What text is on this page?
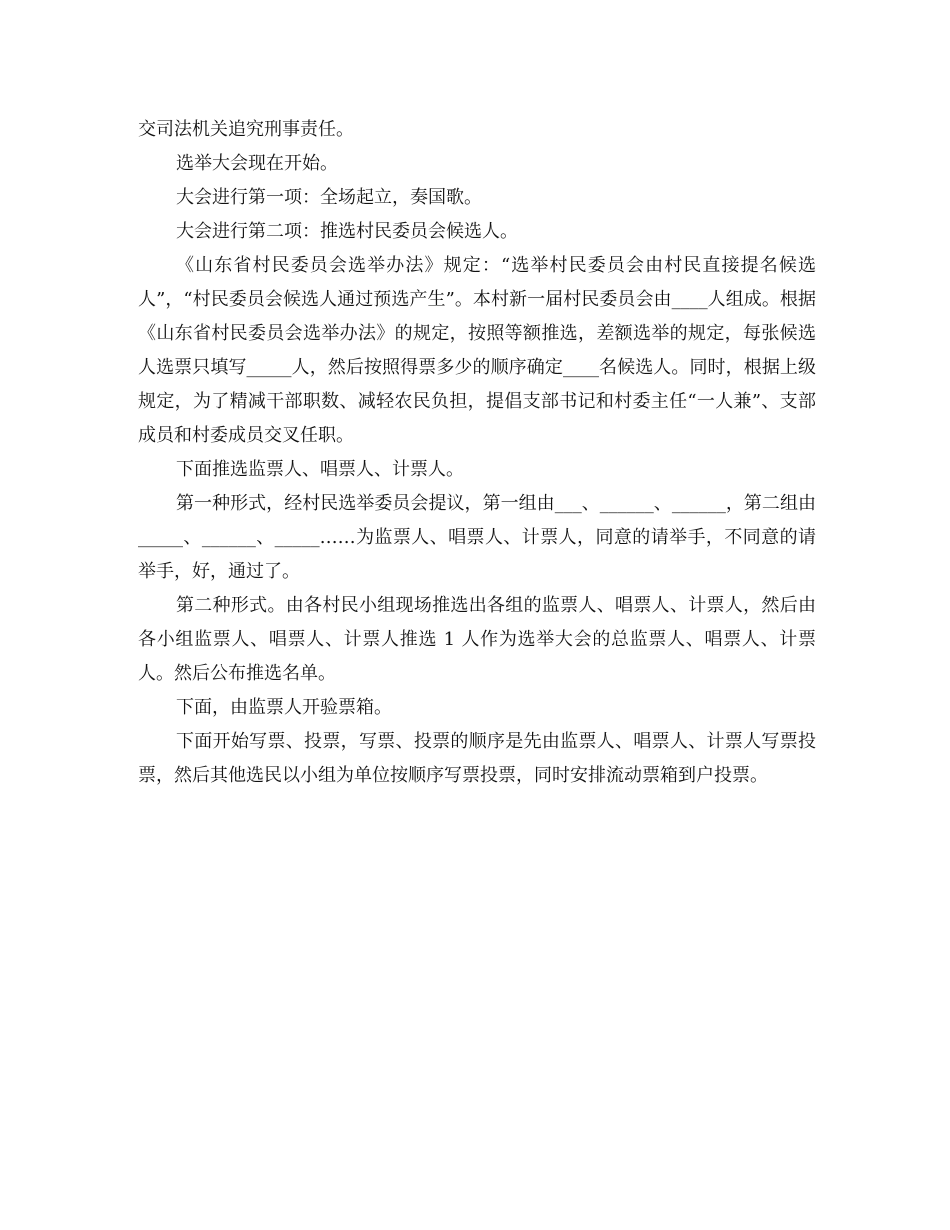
交司法机关追究刑事责任。

选举大会现在开始。

大会进行第一项：全场起立，奏国歌。

大会进行第二项：推选村民委员会候选人。

《山东省村民委员会选举办法》规定：“选举村民委员会由村民直接提名候选人”，“村民委员会候选人通过预选产生”。本村新一届村民委员会由____人组成。根据《山东省村民委员会选举办法》的规定，按照等额推选，差额选举的规定，每张候选人选票只填写_____人，然后按照得票多少的顺序确定____名候选人。同时，根据上级规定，为了精减干部职数、减轻农民负担，提倡支部书记和村委主任“一人兼”、支部成员和村委成员交叉任职。

下面推选监票人、唱票人、计票人。

第一种形式，经村民选举委员会提议，第一组由___、______、______，第二组由_____、______、_____……为监票人、唱票人、计票人，同意的请举手，不同意的请举手，好，通过了。

第二种形式。由各村民小组现场推选出各组的监票人、唱票人、计票人，然后由各小组监票人、唱票人、计票人推选 1 人作为选举大会的总监票人、唱票人、计票人。然后公布推选名单。

下面，由监票人开验票箱。

下面开始写票、投票，写票、投票的顺序是先由监票人、唱票人、计票人写票投票，然后其他选民以小组为单位按顺序写票投票，同时安排流动票箱到户投票。
